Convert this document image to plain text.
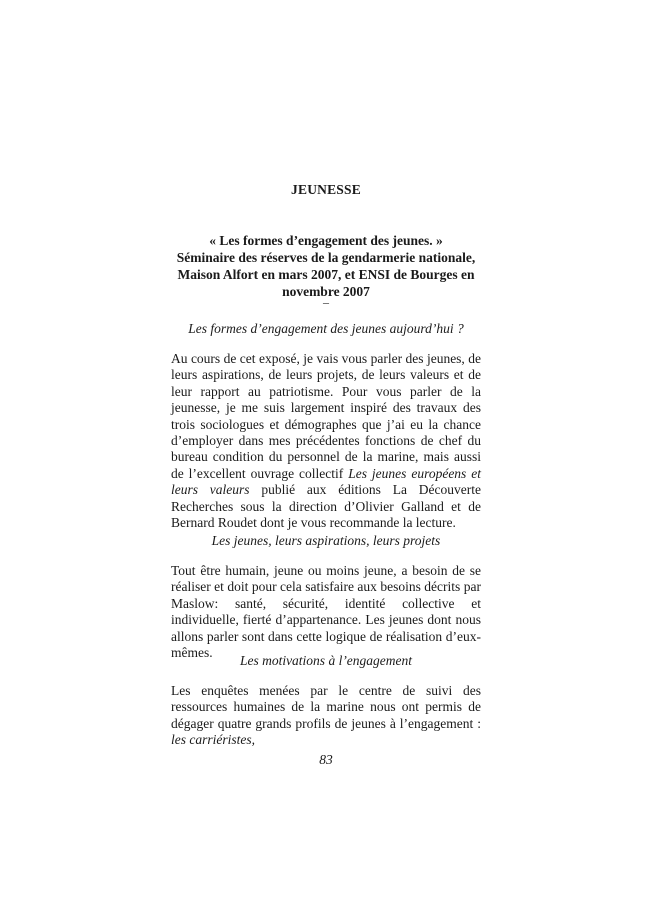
JEUNESSE
« Les formes d’engagement des jeunes. »
Séminaire des réserves de la gendarmerie nationale,
Maison Alfort en mars 2007, et ENSI de Bourges en
novembre 2007
–
Les formes d’engagement des jeunes aujourd’hui ?
Au cours de cet exposé, je vais vous parler des jeunes, de leurs aspirations, de leurs projets, de leurs valeurs et de leur rapport au patriotisme. Pour vous parler de la jeunesse, je me suis largement inspiré des travaux des trois sociologues et démographes que j’ai eu la chance d’employer dans mes précédentes fonctions de chef du bureau condition du personnel de la marine, mais aussi de l’excellent ouvrage collectif Les jeunes européens et leurs valeurs publié aux éditions La Découverte Recherches sous la direction d’Olivier Galland et de Bernard Roudet dont je vous recommande la lecture.
Les jeunes, leurs aspirations, leurs projets
Tout être humain, jeune ou moins jeune, a besoin de se réaliser et doit pour cela satisfaire aux besoins décrits par Maslow: santé, sécurité, identité collective et individuelle, fierté d’appartenance. Les jeunes dont nous allons parler sont dans cette logique de réalisation d’eux-mêmes.
Les motivations à l’engagement
Les enquêtes menées par le centre de suivi des ressources humaines de la marine nous ont permis de dégager quatre grands profils de jeunes à l’engagement : les carriéristes,
83
